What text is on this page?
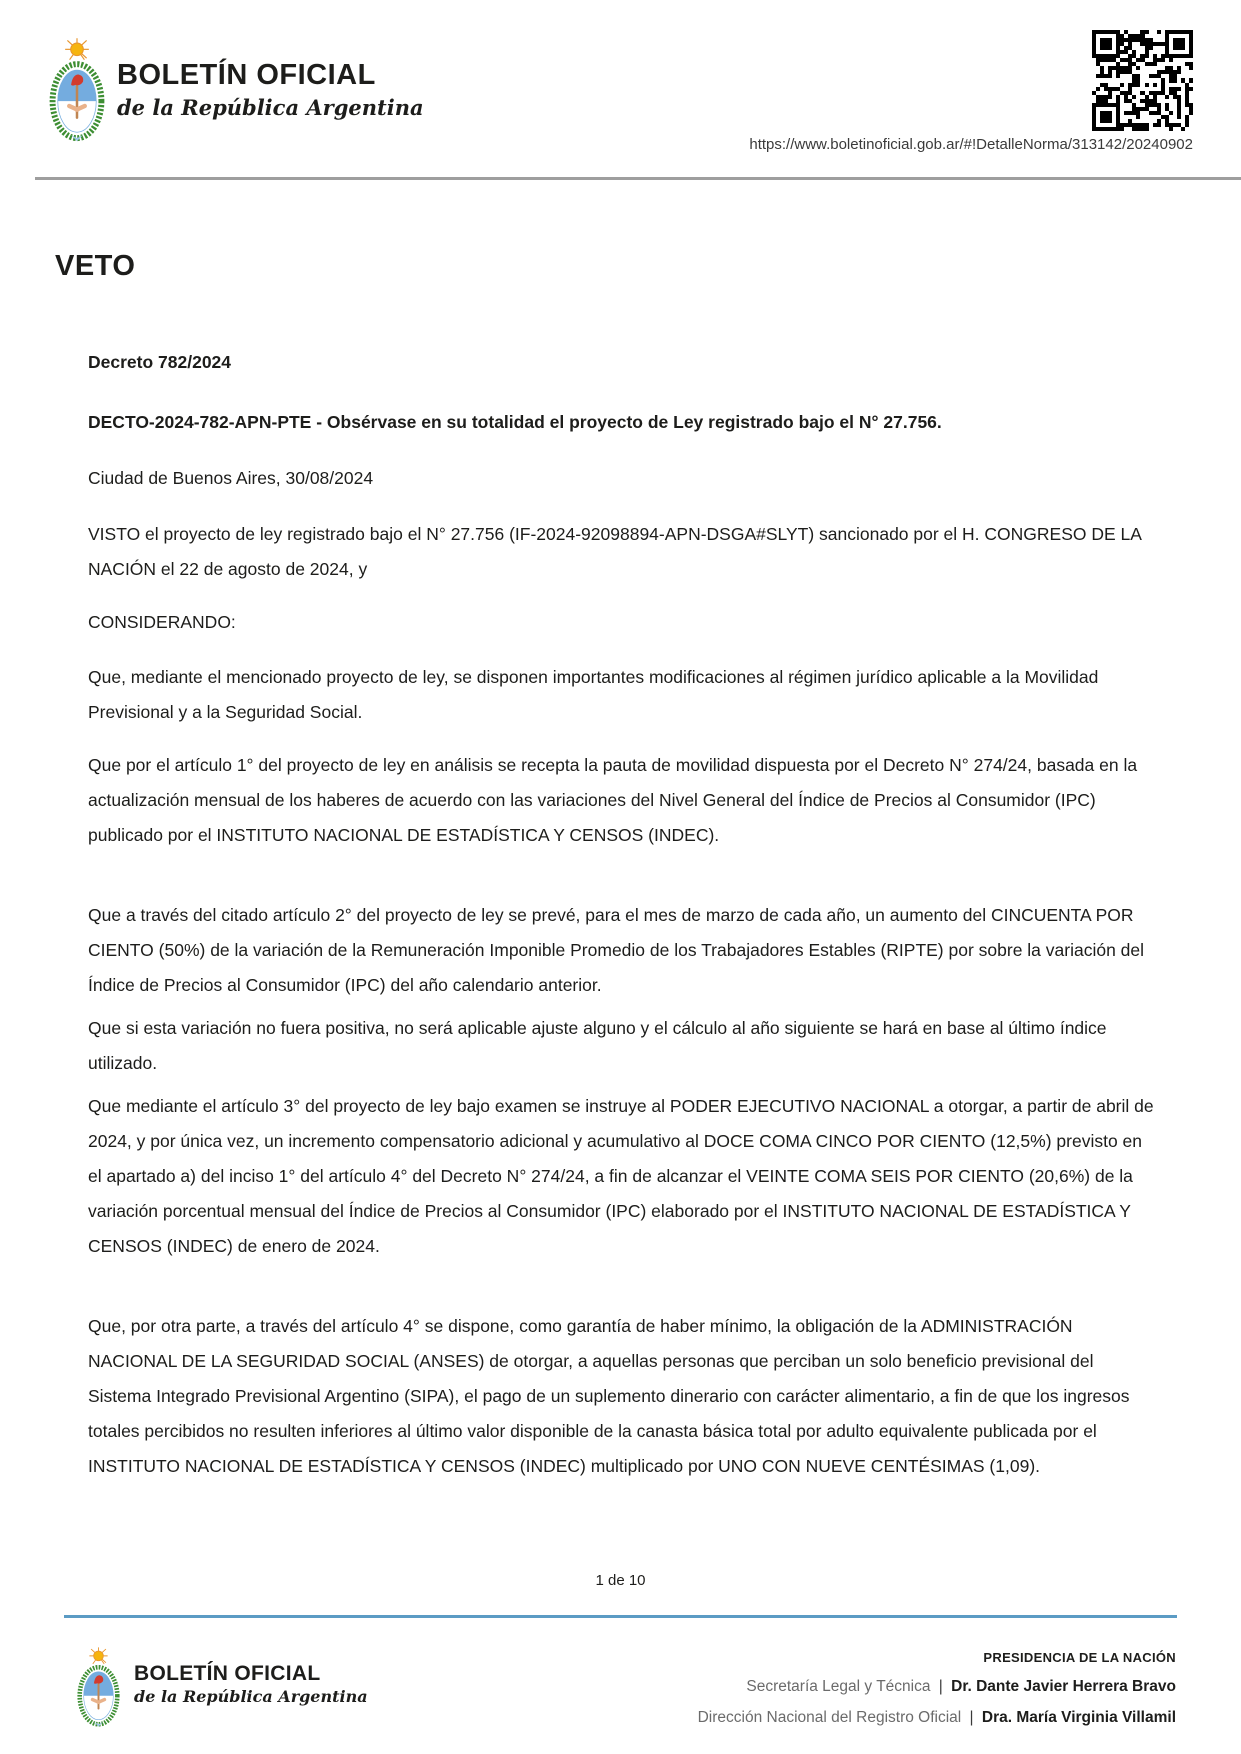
BOLETÍN OFICIAL
de la República Argentina
https://www.boletinoficial.gob.ar/#!DetalleNorma/313142/20240902
VETO
Decreto 782/2024
DECTO-2024-782-APN-PTE - Obsérvase en su totalidad el proyecto de Ley registrado bajo el N° 27.756.
Ciudad de Buenos Aires, 30/08/2024

VISTO el proyecto de ley registrado bajo el N° 27.756 (IF-2024-92098894-APN-DSGA#SLYT) sancionado por el H. CONGRESO DE LA NACIÓN el 22 de agosto de 2024, y

CONSIDERANDO:

Que, mediante el mencionado proyecto de ley, se disponen importantes modificaciones al régimen jurídico aplicable a la Movilidad Previsional y a la Seguridad Social.

Que por el artículo 1° del proyecto de ley en análisis se recepta la pauta de movilidad dispuesta por el Decreto N° 274/24, basada en la actualización mensual de los haberes de acuerdo con las variaciones del Nivel General del Índice de Precios al Consumidor (IPC) publicado por el INSTITUTO NACIONAL DE ESTADÍSTICA Y CENSOS (INDEC).

Que a través del citado artículo 2° del proyecto de ley se prevé, para el mes de marzo de cada año, un aumento del CINCUENTA POR CIENTO (50%) de la variación de la Remuneración Imponible Promedio de los Trabajadores Estables (RIPTE) por sobre la variación del Índice de Precios al Consumidor (IPC) del año calendario anterior.

Que si esta variación no fuera positiva, no será aplicable ajuste alguno y el cálculo al año siguiente se hará en base al último índice utilizado.

Que mediante el artículo 3° del proyecto de ley bajo examen se instruye al PODER EJECUTIVO NACIONAL a otorgar, a partir de abril de 2024, y por única vez, un incremento compensatorio adicional y acumulativo al DOCE COMA CINCO POR CIENTO (12,5%) previsto en el apartado a) del inciso 1° del artículo 4° del Decreto N° 274/24, a fin de alcanzar el VEINTE COMA SEIS POR CIENTO (20,6%) de la variación porcentual mensual del Índice de Precios al Consumidor (IPC) elaborado por el INSTITUTO NACIONAL DE ESTADÍSTICA Y CENSOS (INDEC) de enero de 2024.

Que, por otra parte, a través del artículo 4° se dispone, como garantía de haber mínimo, la obligación de la ADMINISTRACIÓN NACIONAL DE LA SEGURIDAD SOCIAL (ANSES) de otorgar, a aquellas personas que perciban un solo beneficio previsional del Sistema Integrado Previsional Argentino (SIPA), el pago de un suplemento dinerario con carácter alimentario, a fin de que los ingresos totales percibidos no resulten inferiores al último valor disponible de la canasta básica total por adulto equivalente publicada por el INSTITUTO NACIONAL DE ESTADÍSTICA Y CENSOS (INDEC) multiplicado por UNO CON NUEVE CENTÉSIMAS (1,09).

1 de 10
BOLETÍN OFICIAL
de la República Argentina
PRESIDENCIA DE LA NACIÓN
Secretaría Legal y Técnica | Dr. Dante Javier Herrera Bravo
Dirección Nacional del Registro Oficial | Dra. María Virginia Villamil
